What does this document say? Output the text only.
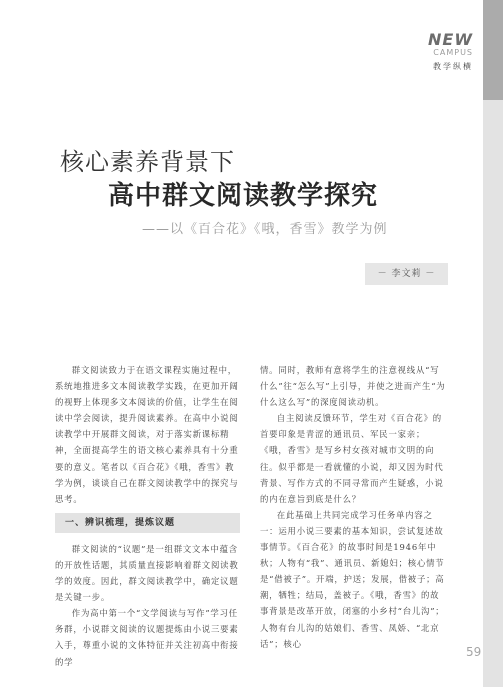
NEW
CAMPUS
教学纵横
核心素养背景下
高中群文阅读教学探究
——以《百合花》《哦，香雪》教学为例
－ 李文莉 －

群文阅读致力于在语文课程实施过程中，系统地推进多文本阅读教学实践，在更加开阔的视野上体现多文本阅读的价值，让学生在阅读中学会阅读，提升阅读素养。在高中小说阅读教学中开展群文阅读，对于落实新课标精神，全面提高学生的语文核心素养具有十分重要的意义。笔者以《百合花》《哦，香雪》教学为例，谈谈自己在群文阅读教学中的探究与思考。

一、辨识梳理，提炼议题

群文阅读的“议题”是一组群文文本中蕴含的开放性话题，其质量直接影响着群文阅读教学的效度。因此，群文阅读教学中，确定议题是关键一步。

作为高中第一个“文学阅读与写作”学习任务群，小说群文阅读的议题提炼由小说三要素入手，尊重小说的文体特征并关注初高中衔接的学

情。同时，教师有意将学生的注意视线从“写什么”往“怎么写”上引导，并使之进而产生“为什么这么写”的深度阅读动机。

自主阅读反馈环节，学生对《百合花》的首要印象是青涩的通讯员、军民一家亲；《哦，香雪》是写乡村女孩对城市文明的向往。似乎都是一看就懂的小说，却又因为时代背景、写作方式的不同寻常而产生疑惑，小说的内在意旨到底是什么？

在此基础上共同完成学习任务单内容之一：运用小说三要素的基本知识，尝试复述故事情节。《百合花》的故事时间是1946年中秋；人物有“我”、通讯员、新媳妇；核心情节是“借被子”。开端，护送；发展，借被子；高潮，牺牲；结局，盖被子。《哦，香雪》的故事背景是改革开放，闭塞的小乡村“台儿沟”；人物有台儿沟的姑娘们、香雪、凤娇、“北京话”；核心

59
